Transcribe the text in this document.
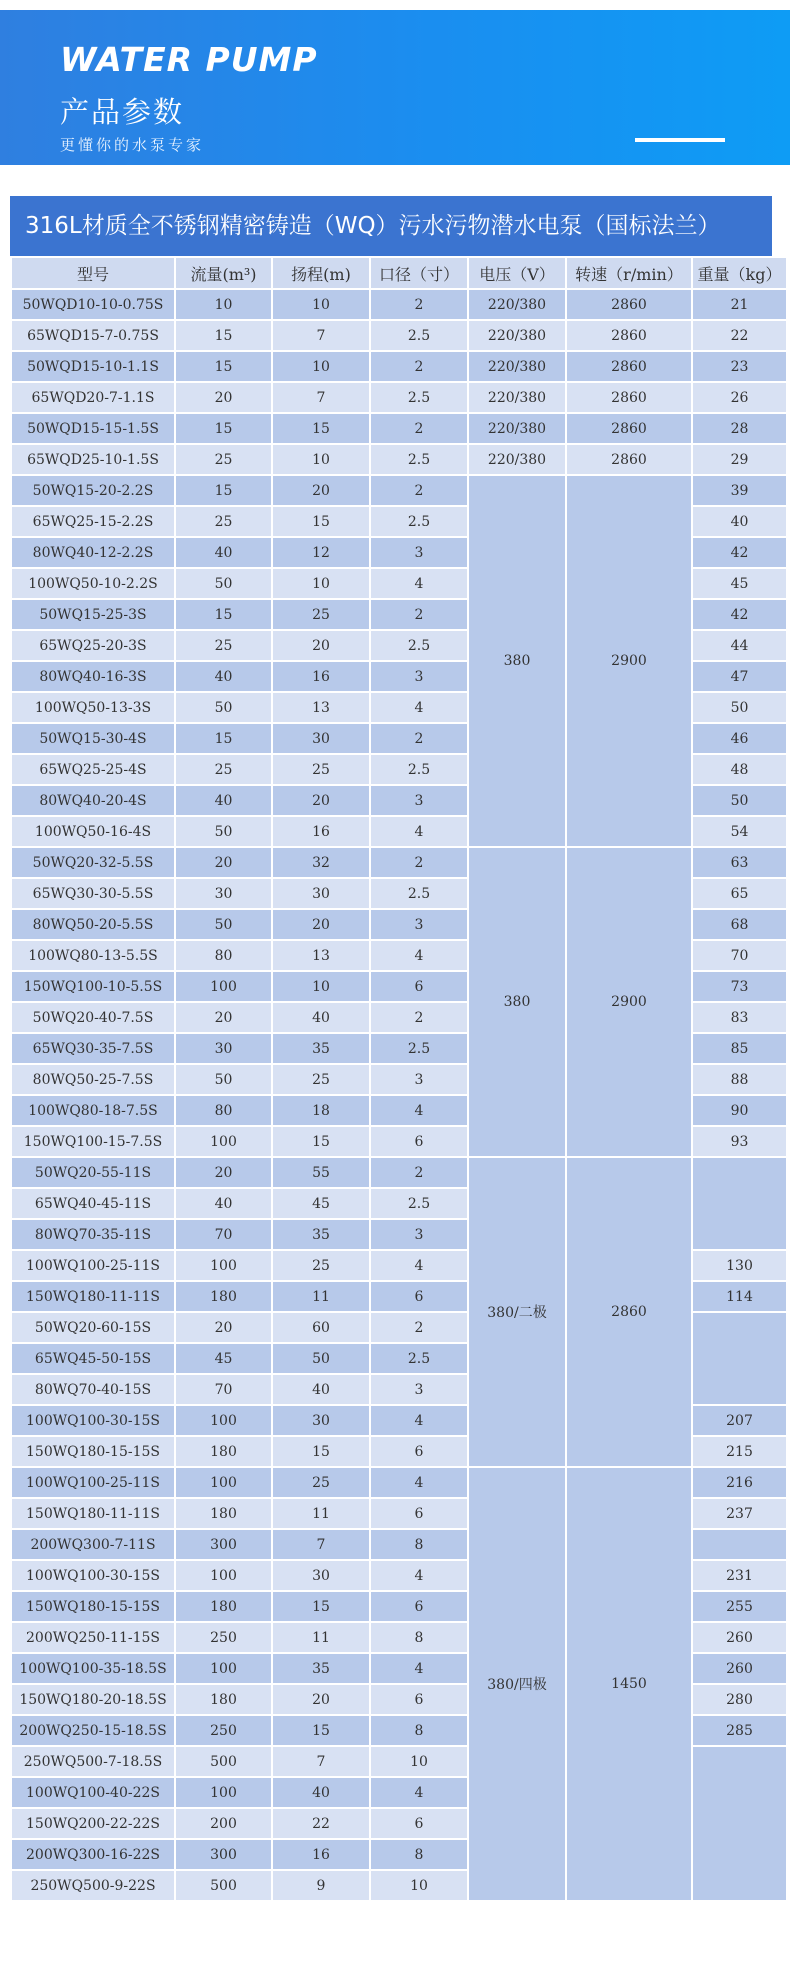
WATER PUMP
产品参数
更懂你的水泵专家
316L材质全不锈钢精密铸造（WQ）污水污物潜水电泵（国标法兰）
型号	流量(m³)	扬程(m)	口径（寸）	电压（V）	转速（r/min）	重量（kg）
50WQD10-10-0.75S	10	10	2	220/380	2860	21
65WQD15-7-0.75S	15	7	2.5	220/380	2860	22
50WQD15-10-1.1S	15	10	2	220/380	2860	23
65WQD20-7-1.1S	20	7	2.5	220/380	2860	26
50WQD15-15-1.5S	15	15	2	220/380	2860	28
65WQD25-10-1.5S	25	10	2.5	220/380	2860	29
50WQ15-20-2.2S	15	20	2	380	2900	39
65WQ25-15-2.2S	25	15	2.5			40
80WQ40-12-2.2S	40	12	3			42
100WQ50-10-2.2S	50	10	4			45
50WQ15-25-3S	15	25	2			42
65WQ25-20-3S	25	20	2.5			44
80WQ40-16-3S	40	16	3			47
100WQ50-13-3S	50	13	4			50
50WQ15-30-4S	15	30	2			46
65WQ25-25-4S	25	25	2.5			48
80WQ40-20-4S	40	20	3			50
100WQ50-16-4S	50	16	4			54
50WQ20-32-5.5S	20	32	2	380	2900	63
65WQ30-30-5.5S	30	30	2.5			65
80WQ50-20-5.5S	50	20	3			68
100WQ80-13-5.5S	80	13	4			70
150WQ100-10-5.5S	100	10	6			73
50WQ20-40-7.5S	20	40	2			83
65WQ30-35-7.5S	30	35	2.5			85
80WQ50-25-7.5S	50	25	3			88
100WQ80-18-7.5S	80	18	4			90
150WQ100-15-7.5S	100	15	6			93
50WQ20-55-11S	20	55	2	380/二极	2860	
65WQ40-45-11S	40	45	2.5			
80WQ70-35-11S	70	35	3			
100WQ100-25-11S	100	25	4			130
150WQ180-11-11S	180	11	6			114
50WQ20-60-15S	20	60	2			
65WQ45-50-15S	45	50	2.5			
80WQ70-40-15S	70	40	3			
100WQ100-30-15S	100	30	4			207
150WQ180-15-15S	180	15	6			215
100WQ100-25-11S	100	25	4	380/四极	1450	216
150WQ180-11-11S	180	11	6			237
200WQ300-7-11S	300	7	8			
100WQ100-30-15S	100	30	4			231
150WQ180-15-15S	180	15	6			255
200WQ250-11-15S	250	11	8			260
100WQ100-35-18.5S	100	35	4			260
150WQ180-20-18.5S	180	20	6			280
200WQ250-15-18.5S	250	15	8			285
250WQ500-7-18.5S	500	7	10			
100WQ100-40-22S	100	40	4			
150WQ200-22-22S	200	22	6			
200WQ300-16-22S	300	16	8			
250WQ500-9-22S	500	9	10			
